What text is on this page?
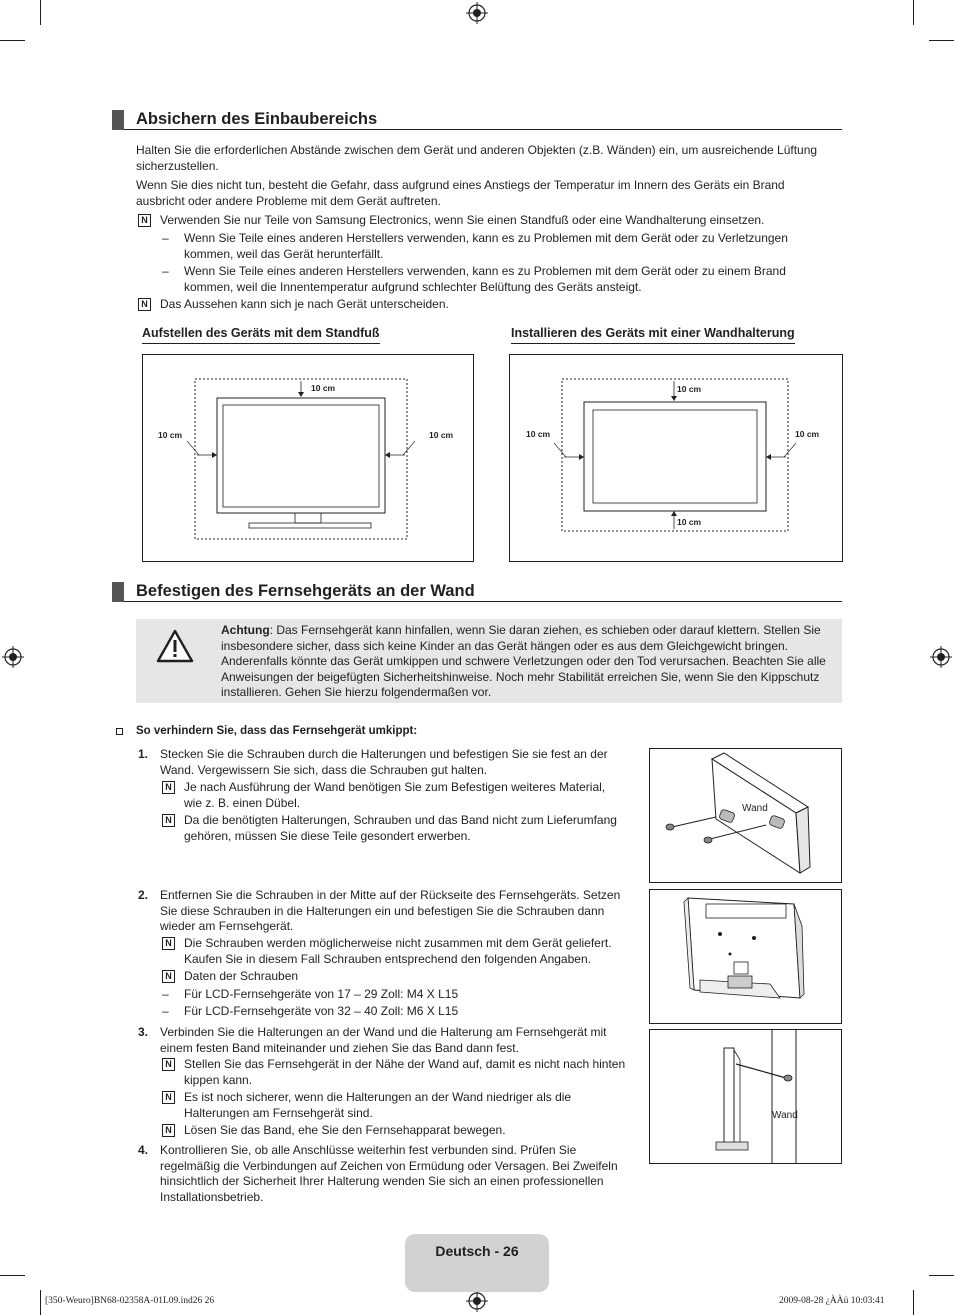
Absichern des Einbaubereichs
Halten Sie die erforderlichen Abstände zwischen dem Gerät und anderen Objekten (z.B. Wänden) ein, um ausreichende Lüftung sicherzustellen.
Wenn Sie dies nicht tun, besteht die Gefahr, dass aufgrund eines Anstiegs der Temperatur im Innern des Geräts ein Brand ausbricht oder andere Probleme mit dem Gerät auftreten.
N Verwenden Sie nur Teile von Samsung Electronics, wenn Sie einen Standfuß oder eine Wandhalterung einsetzen.
– Wenn Sie Teile eines anderen Herstellers verwenden, kann es zu Problemen mit dem Gerät oder zu Verletzungen kommen, weil das Gerät herunterfällt.
– Wenn Sie Teile eines anderen Herstellers verwenden, kann es zu Problemen mit dem Gerät oder zu einem Brand kommen, weil die Innentemperatur aufgrund schlechter Belüftung des Geräts ansteigt.
N Das Aussehen kann sich je nach Gerät unterscheiden.
Aufstellen des Geräts mit dem Standfuß	Installieren des Geräts mit einer Wandhalterung
10 cm
10 cm	10 cm
10 cm
10 cm
10 cm	10 cm
Befestigen des Fernsehgeräts an der Wand
Achtung: Das Fernsehgerät kann hinfallen, wenn Sie daran ziehen, es schieben oder darauf klettern. Stellen Sie insbesondere sicher, dass sich keine Kinder an das Gerät hängen oder es aus dem Gleichgewicht bringen. Anderenfalls könnte das Gerät umkippen und schwere Verletzungen oder den Tod verursachen. Beachten Sie alle Anweisungen der beigefügten Sicherheitshinweise. Noch mehr Stabilität erreichen Sie, wenn Sie den Kippschutz installieren. Gehen Sie hierzu folgendermaßen vor.
So verhindern Sie, dass das Fernsehgerät umkippt:
1. Stecken Sie die Schrauben durch die Halterungen und befestigen Sie sie fest an der Wand. Vergewissern Sie sich, dass die Schrauben gut halten.
N Je nach Ausführung der Wand benötigen Sie zum Befestigen weiteres Material, wie z. B. einen Dübel.
N Da die benötigten Halterungen, Schrauben und das Band nicht zum Lieferumfang gehören, müssen Sie diese Teile gesondert erwerben.
2. Entfernen Sie die Schrauben in der Mitte auf der Rückseite des Fernsehgeräts. Setzen Sie diese Schrauben in die Halterungen ein und befestigen Sie die Schrauben dann wieder am Fernsehgerät.
N Die Schrauben werden möglicherweise nicht zusammen mit dem Gerät geliefert. Kaufen Sie in diesem Fall Schrauben entsprechend den folgenden Angaben.
N Daten der Schrauben
– Für LCD-Fernsehgeräte von 17 – 29 Zoll: M4 X L15
– Für LCD-Fernsehgeräte von 32 – 40 Zoll: M6 X L15
3. Verbinden Sie die Halterungen an der Wand und die Halterung am Fernsehgerät mit einem festen Band miteinander und ziehen Sie das Band dann fest.
N Stellen Sie das Fernsehgerät in der Nähe der Wand auf, damit es nicht nach hinten kippen kann.
N Es ist noch sicherer, wenn die Halterungen an der Wand niedriger als die Halterungen am Fernsehgerät sind.
N Lösen Sie das Band, ehe Sie den Fernsehapparat bewegen.
4. Kontrollieren Sie, ob alle Anschlüsse weiterhin fest verbunden sind. Prüfen Sie regelmäßig die Verbindungen auf Zeichen von Ermüdung oder Versagen. Bei Zweifeln hinsichtlich der Sicherheit Ihrer Halterung wenden Sie sich an einen professionellen Installationsbetrieb.
Wand
Wand
Deutsch - 26
[350-Weuro]BN68-02358A-01L09.ind26 26	2009-08-28 ¿ÀÀü 10:03:41
